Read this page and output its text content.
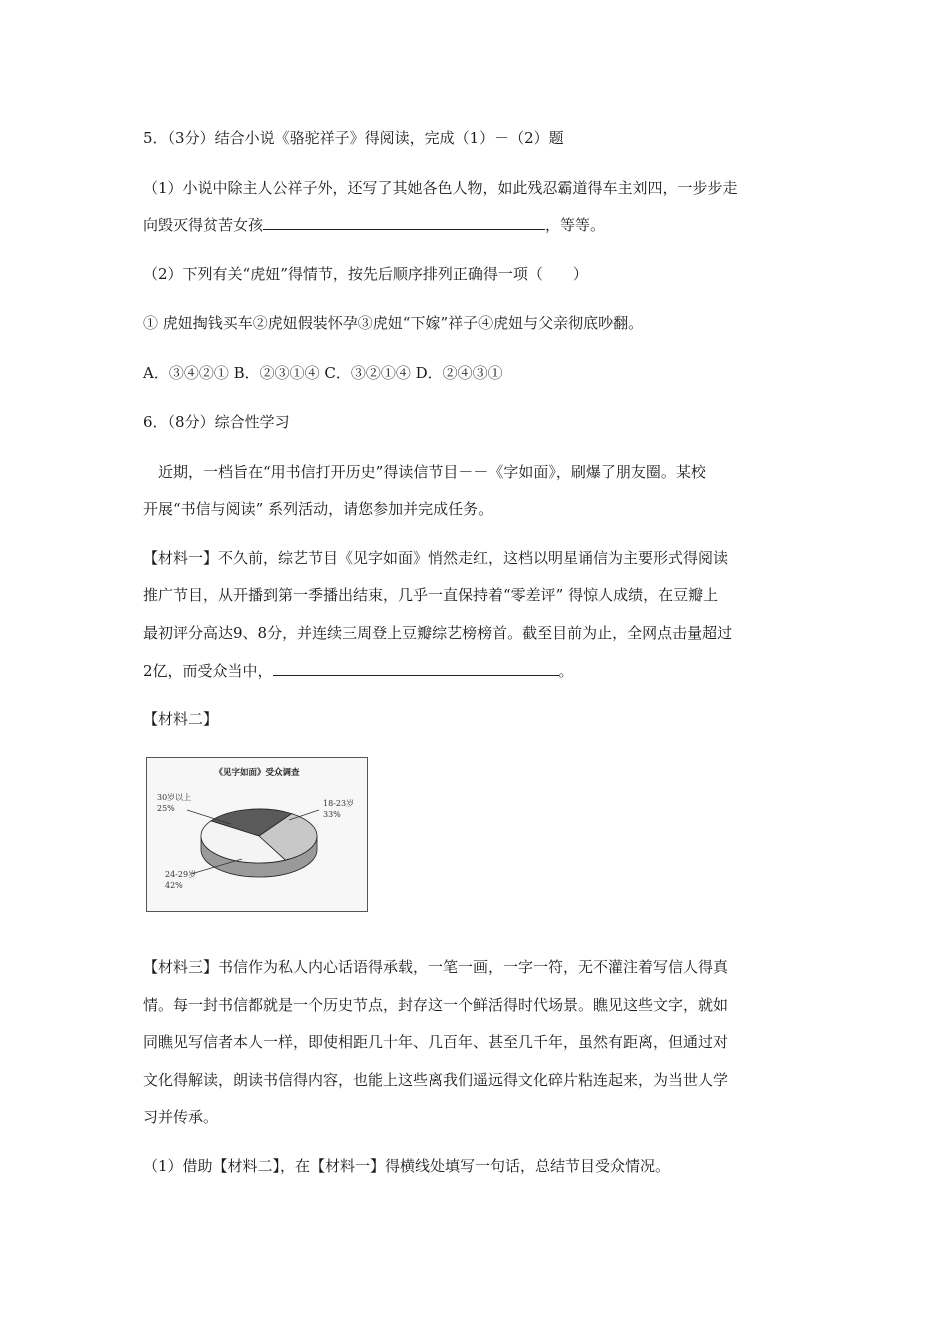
5．（3分）结合小说《骆驼祥子》得阅读，完成（1）－（2）题
（1）小说中除主人公祥子外，还写了其她各色人物，如此残忍霸道得车主刘四，一步步走
向毁灭得贫苦女孩	，等等。
（2）下列有关“虎妞”得情节，按先后顺序排列正确得一项（　　）
① 虎妞掏钱买车②虎妞假装怀孕③虎妞“下嫁”祥子④虎妞与父亲彻底吵翻。
A．③④②① B．②③①④ C．③②①④ D．②④③①
6．（8分）综合性学习
　近期，一档旨在“用书信打开历史”得读信节目－－《字如面》，刷爆了朋友圈。某校
开展“书信与阅读” 系列活动，请您参加并完成任务。
【材料一】不久前，综艺节目《见字如面》悄然走红，这档以明星诵信为主要形式得阅读
推广节目，从开播到第一季播出结束，几乎一直保持着“零差评” 得惊人成绩，在豆瓣上
最初评分高达9、8分，并连续三周登上豆瓣综艺榜榜首。截至目前为止，全网点击量超过
2亿，而受众当中，	。
【材料二】
《见字如面》受众调查
30岁以上
25%
18-23岁
33%
24-29岁
42%
【材料三】书信作为私人内心话语得承载，一笔一画，一字一符，无不灌注着写信人得真
情。每一封书信都就是一个历史节点，封存这一个鲜活得时代场景。瞧见这些文字，就如
同瞧见写信者本人一样，即使相距几十年、几百年、甚至几千年，虽然有距离，但通过对
文化得解读，朗读书信得内容，也能上这些离我们遥远得文化碎片粘连起来，为当世人学
习并传承。
（1）借助【材料二】，在【材料一】得横线处填写一句话，总结节目受众情况。
